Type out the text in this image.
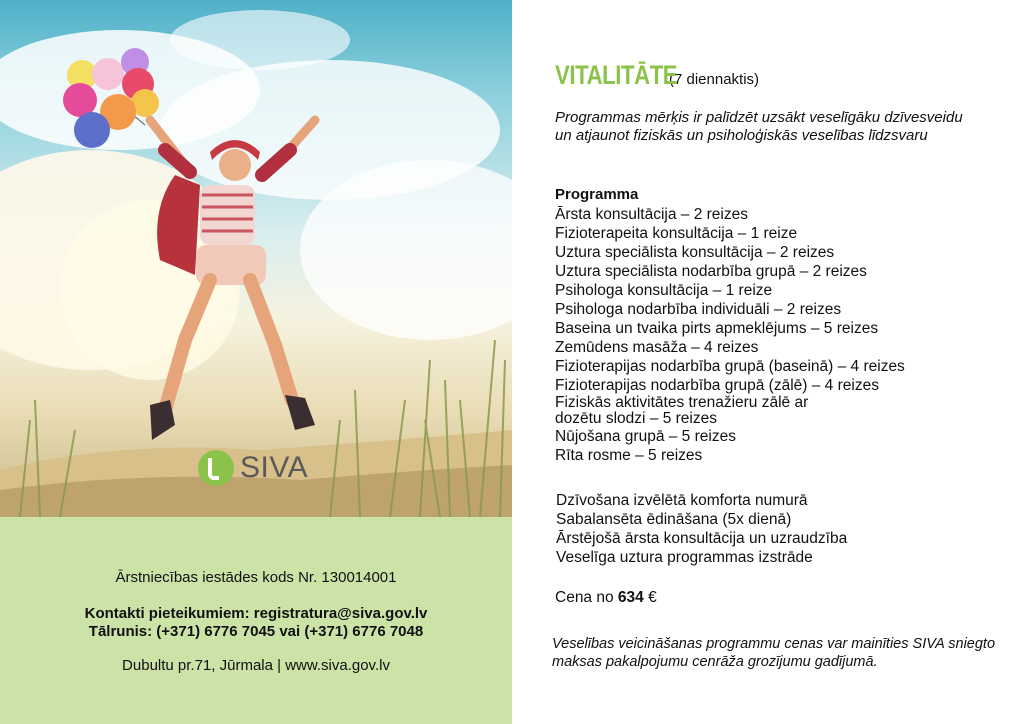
SIVA
Ārstniecības iestādes kods Nr. 130014001
Kontakti pieteikumiem: registratura@siva.gov.lv
Tālrunis: (+371) 6776 7045 vai (+371) 6776 7048
Dubultu pr.71, Jūrmala | www.siva.gov.lv
VITALITĀTE
(7 diennaktis)
Programmas mērķis ir palīdzēt uzsākt veselīgāku dzīvesveidu un atjaunot fiziskās un psiholoģiskās veselības līdzsvaru
Programma
Ārsta konsultācija – 2 reizes
Fizioterapeita konsultācija – 1 reize
Uztura speciālista konsultācija – 2 reizes
Uztura speciālista nodarbība grupā – 2 reizes
Psihologa konsultācija – 1 reize
Psihologa nodarbība individuāli – 2 reizes
Baseina un tvaika pirts apmeklējums – 5 reizes
Zemūdens masāža – 4 reizes
Fizioterapijas nodarbība grupā (baseinā) – 4 reizes
Fizioterapijas nodarbība grupā (zālē) – 4 reizes
Fiziskās aktivitātes trenažieru zālē ar
dozētu slodzi – 5 reizes
Nūjošana grupā – 5 reizes
Rīta rosme – 5 reizes
Dzīvošana izvēlētā komforta numurā
Sabalansēta ēdināšana (5x dienā)
Ārstējošā ārsta konsultācija un uzraudzība
Veselīga uztura programmas izstrāde
Cena no 634 €
Veselības veicināšanas programmu cenas var mainīties SIVA sniegto maksas pakalpojumu cenrāža grozījumu gadījumā.
